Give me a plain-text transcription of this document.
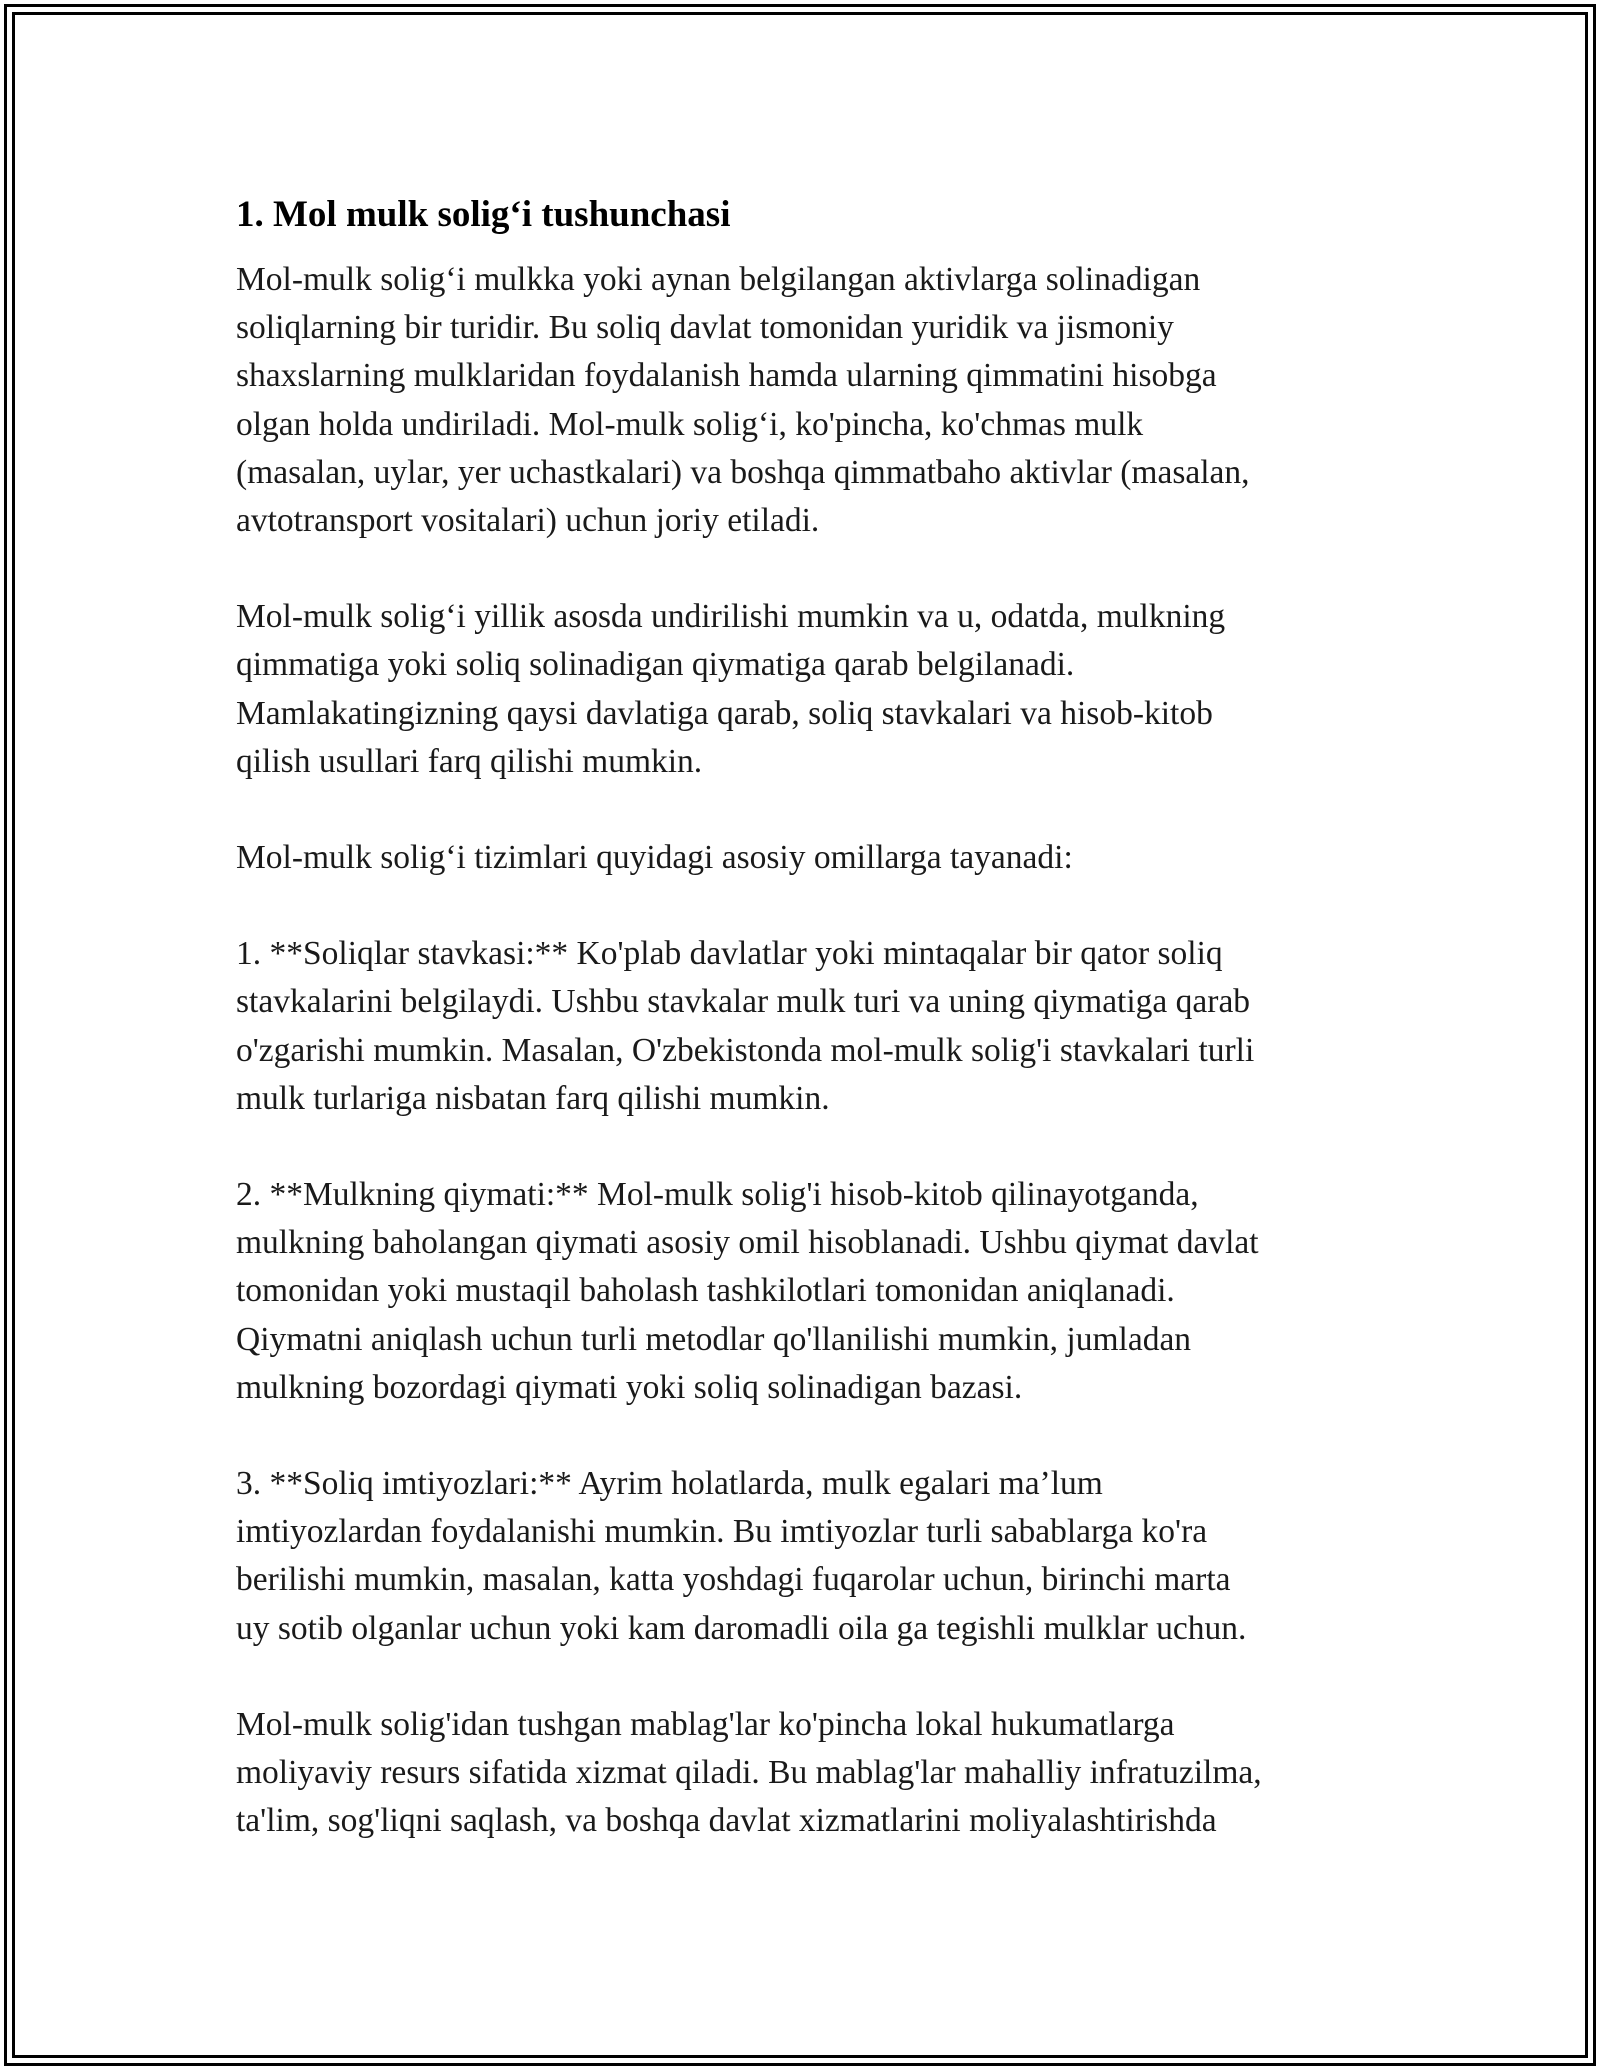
1. Mol mulk solig‘i tushunchasi

Mol-mulk solig‘i mulkka yoki aynan belgilangan aktivlarga solinadigan
soliqlarning bir turidir. Bu soliq davlat tomonidan yuridik va jismoniy
shaxslarning mulklaridan foydalanish hamda ularning qimmatini hisobga
olgan holda undiriladi. Mol-mulk solig‘i, ko'pincha, ko'chmas mulk
(masalan, uylar, yer uchastkalari) va boshqa qimmatbaho aktivlar (masalan,
avtotransport vositalari) uchun joriy etiladi.

Mol-mulk solig‘i yillik asosda undirilishi mumkin va u, odatda, mulkning
qimmatiga yoki soliq solinadigan qiymatiga qarab belgilanadi.
Mamlakatingizning qaysi davlatiga qarab, soliq stavkalari va hisob-kitob
qilish usullari farq qilishi mumkin.

Mol-mulk solig‘i tizimlari quyidagi asosiy omillarga tayanadi:

1. **Soliqlar stavkasi:** Ko'plab davlatlar yoki mintaqalar bir qator soliq
stavkalarini belgilaydi. Ushbu stavkalar mulk turi va uning qiymatiga qarab
o'zgarishi mumkin. Masalan, O'zbekistonda mol-mulk solig'i stavkalari turli
mulk turlariga nisbatan farq qilishi mumkin.

2. **Mulkning qiymati:** Mol-mulk solig'i hisob-kitob qilinayotganda,
mulkning baholangan qiymati asosiy omil hisoblanadi. Ushbu qiymat davlat
tomonidan yoki mustaqil baholash tashkilotlari tomonidan aniqlanadi.
Qiymatni aniqlash uchun turli metodlar qo'llanilishi mumkin, jumladan
mulkning bozordagi qiymati yoki soliq solinadigan bazasi.

3. **Soliq imtiyozlari:** Ayrim holatlarda, mulk egalari ma’lum
imtiyozlardan foydalanishi mumkin. Bu imtiyozlar turli sabablarga ko'ra
berilishi mumkin, masalan, katta yoshdagi fuqarolar uchun, birinchi marta
uy sotib olganlar uchun yoki kam daromadli oila ga tegishli mulklar uchun.

Mol-mulk solig'idan tushgan mablag'lar ko'pincha lokal hukumatlarga
moliyaviy resurs sifatida xizmat qiladi. Bu mablag'lar mahalliy infratuzilma,
ta'lim, sog'liqni saqlash, va boshqa davlat xizmatlarini moliyalashtirishda
